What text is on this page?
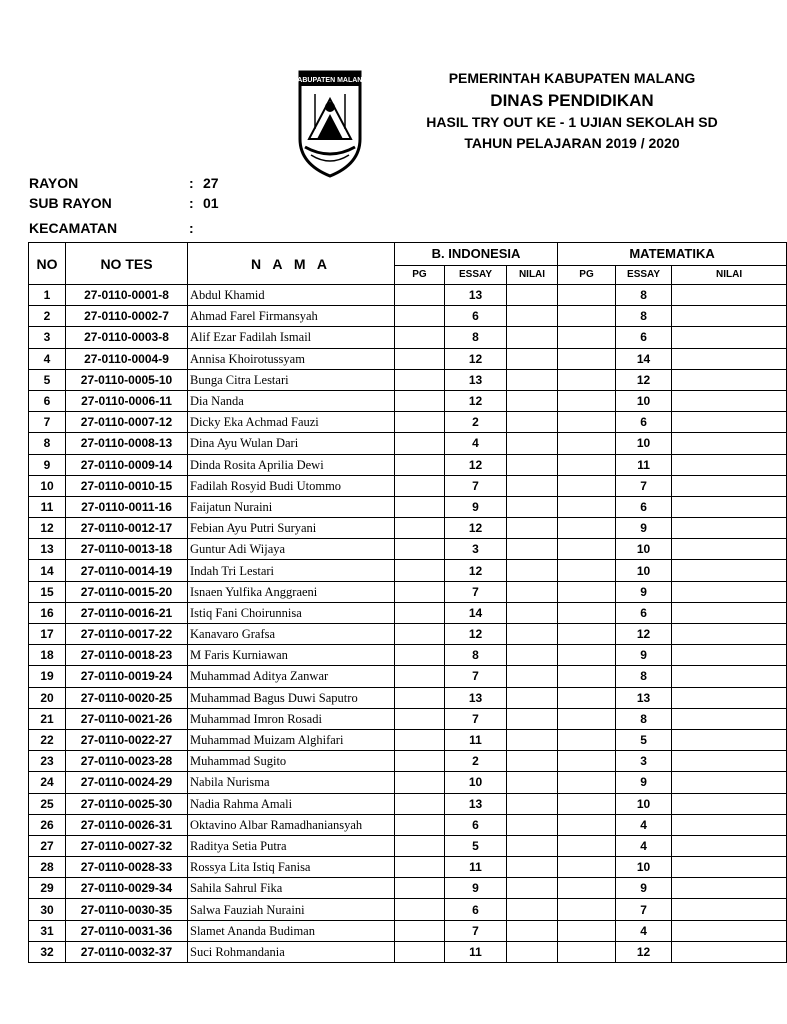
KABUPATEN MALANG	PEMERINTAH KABUPATEN MALANG
DINAS PENDIDIKAN
HASIL TRY OUT KE - 1 UJIAN SEKOLAH SD
TAHUN PELAJARAN 2019 / 2020
RAYON	: 27
SUB RAYON	: 01
KECAMATAN	:
NO	NO TES	N A M A	B. INDONESIA			MATEMATIKA		
			PG	ESSAY	NILAI	PG	ESSAY	NILAI
1	27-0110-0001-8	Abdul Khamid		13			8	
2	27-0110-0002-7	Ahmad Farel Firmansyah		6			8	
3	27-0110-0003-8	Alif Ezar Fadilah Ismail		8			6	
4	27-0110-0004-9	Annisa Khoirotussyam		12			14	
5	27-0110-0005-10	Bunga Citra Lestari		13			12	
6	27-0110-0006-11	Dia Nanda		12			10	
7	27-0110-0007-12	Dicky Eka Achmad Fauzi		2			6	
8	27-0110-0008-13	Dina Ayu Wulan Dari		4			10	
9	27-0110-0009-14	Dinda Rosita Aprilia Dewi		12			11	
10	27-0110-0010-15	Fadilah Rosyid Budi Utommo		7			7	
11	27-0110-0011-16	Faijatun Nuraini		9			6	
12	27-0110-0012-17	Febian Ayu Putri Suryani		12			9	
13	27-0110-0013-18	Guntur Adi Wijaya		3			10	
14	27-0110-0014-19	Indah Tri Lestari		12			10	
15	27-0110-0015-20	Isnaen Yulfika Anggraeni		7			9	
16	27-0110-0016-21	Istiq Fani Choirunnisa		14			6	
17	27-0110-0017-22	Kanavaro Grafsa		12			12	
18	27-0110-0018-23	M Faris Kurniawan		8			9	
19	27-0110-0019-24	Muhammad Aditya Zanwar		7			8	
20	27-0110-0020-25	Muhammad Bagus Duwi Saputro		13			13	
21	27-0110-0021-26	Muhammad Imron Rosadi		7			8	
22	27-0110-0022-27	Muhammad Muizam Alghifari		11			5	
23	27-0110-0023-28	Muhammad Sugito		2			3	
24	27-0110-0024-29	Nabila Nurisma		10			9	
25	27-0110-0025-30	Nadia Rahma Amali		13			10	
26	27-0110-0026-31	Oktavino Albar Ramadhaniansyah		6			4	
27	27-0110-0027-32	Raditya Setia Putra		5			4	
28	27-0110-0028-33	Rossya Lita Istiq Fanisa		11			10	
29	27-0110-0029-34	Sahila Sahrul Fika		9			9	
30	27-0110-0030-35	Salwa Fauziah Nuraini		6			7	
31	27-0110-0031-36	Slamet Ananda Budiman		7			4	
32	27-0110-0032-37	Suci Rohmandania		11			12	
